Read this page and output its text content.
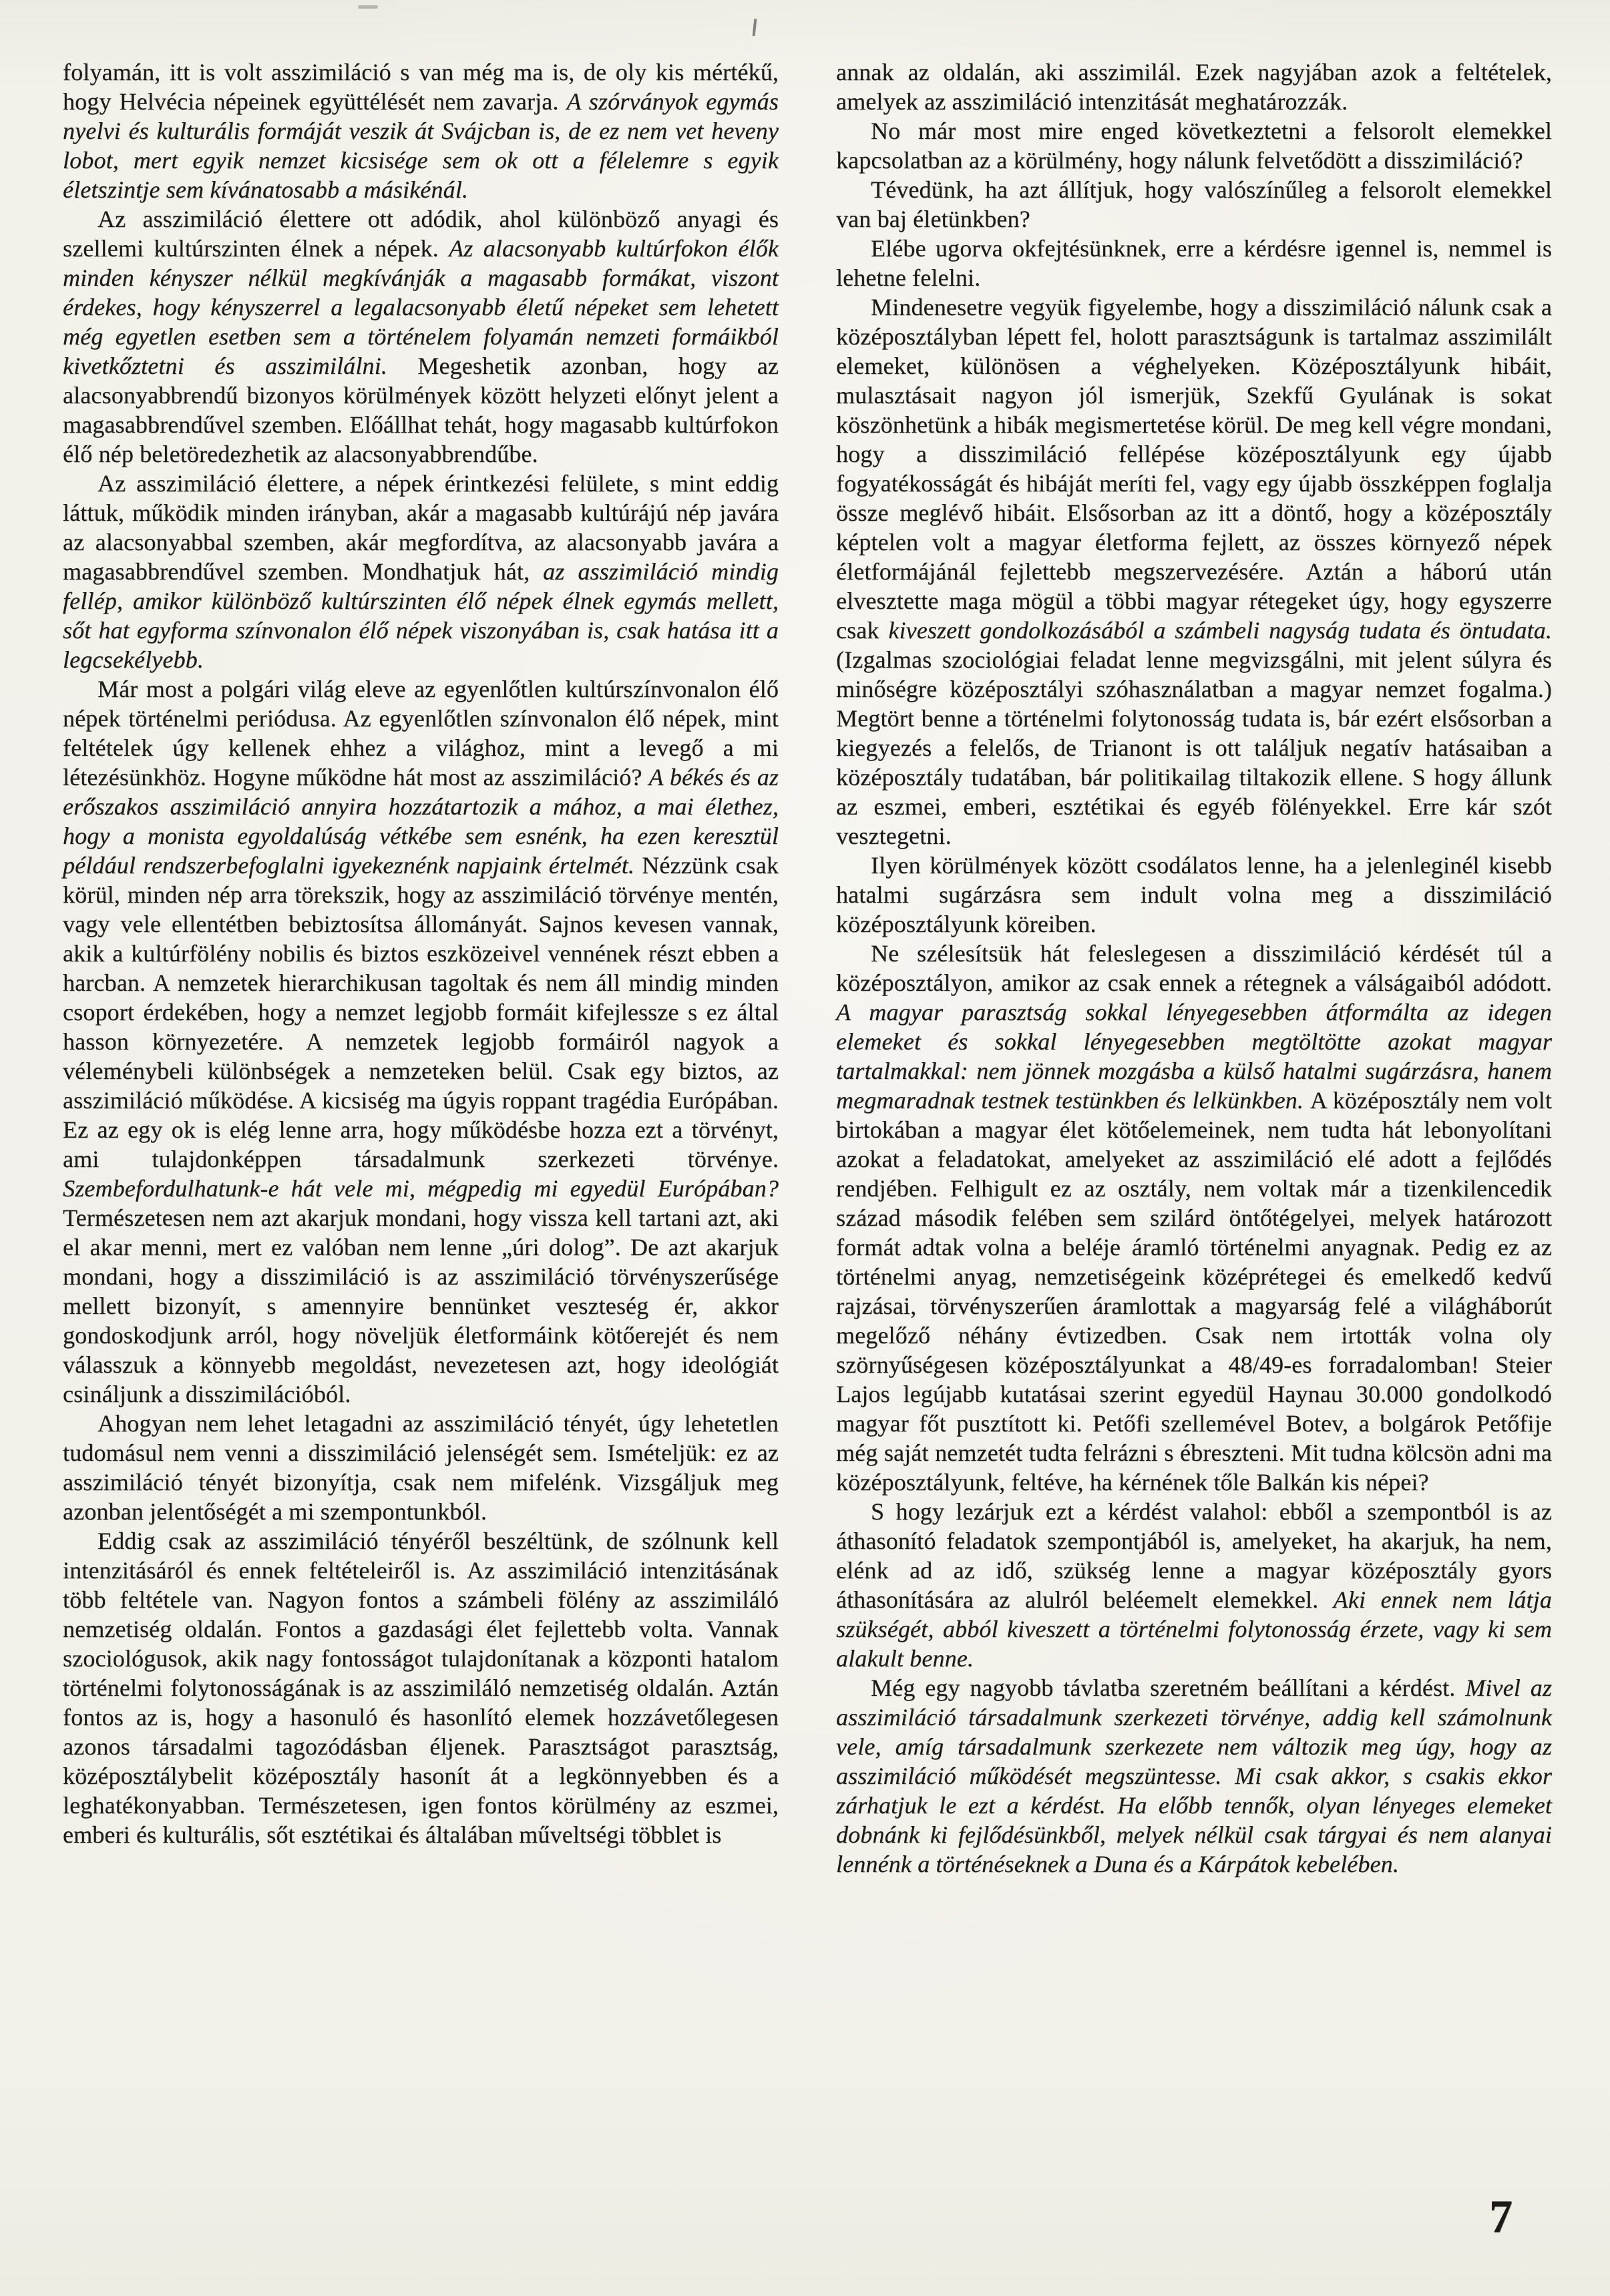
folyamán, itt is volt asszimiláció s van még ma is, de oly kis mértékű, hogy Helvécia népeinek együttélését nem zavarja. A szórványok egymás nyelvi és kulturális formáját veszik át Svájcban is, de ez nem vet heveny lobot, mert egyik nemzet kicsisége sem ok ott a félelemre s egyik életszintje sem kívánatosabb a másikénál.

Az asszimiláció élettere ott adódik, ahol különböző anyagi és szellemi kultúrszinten élnek a népek. Az alacsonyabb kultúrfokon élők minden kényszer nélkül megkívánják a magasabb formákat, viszont érdekes, hogy kényszerrel a legalacsonyabb életű népeket sem lehetett még egyetlen esetben sem a történelem folyamán nemzeti formáikból kivetkőztetni és asszimilálni. Megeshetik azonban, hogy az alacsonyabbrendű bizonyos körülmények között helyzeti előnyt jelent a magasabbrendűvel szemben. Előállhat tehát, hogy magasabb kultúrfokon élő nép beletöredezhetik az alacsonyabbrendűbe.

Az asszimiláció élettere, a népek érintkezési felülete, s mint eddig láttuk, működik minden irányban, akár a magasabb kultúrájú nép javára az alacsonyabbal szemben, akár megfordítva, az alacsonyabb javára a magasabbrendűvel szemben. Mondhatjuk hát, az asszimiláció mindig fellép, amikor különböző kultúrszinten élő népek élnek egymás mellett, sőt hat egyforma színvonalon élő népek viszonyában is, csak hatása itt a legcsekélyebb.

Már most a polgári világ eleve az egyenlőtlen kultúrszínvonalon élő népek történelmi periódusa. Az egyenlőtlen színvonalon élő népek, mint feltételek úgy kellenek ehhez a világhoz, mint a levegő a mi létezésünkhöz. Hogyne működne hát most az asszimiláció? A békés és az erőszakos asszimiláció annyira hozzátartozik a mához, a mai élethez, hogy a monista egyoldalúság vétkébe sem esnénk, ha ezen keresztül például rendszerbefoglalni igyekeznénk napjaink értelmét. Nézzünk csak körül, minden nép arra törekszik, hogy az asszimiláció törvénye mentén, vagy vele ellentétben bebiztosítsa állományát. Sajnos kevesen vannak, akik a kultúrfölény nobilis és biztos eszközeivel vennének részt ebben a harcban. A nemzetek hierarchikusan tagoltak és nem áll mindig minden csoport érdekében, hogy a nemzet legjobb formáit kifejlessze s ez által hasson környezetére. A nemzetek legjobb formáiról nagyok a véleménybeli különbségek a nemzeteken belül. Csak egy biztos, az asszimiláció működése. A kicsiség ma úgyis roppant tragédia Európában. Ez az egy ok is elég lenne arra, hogy működésbe hozza ezt a törvényt, ami tulajdonképpen társadalmunk szerkezeti törvénye. Szembefordulhatunk-e hát vele mi, mégpedig mi egyedül Európában? Természetesen nem azt akarjuk mondani, hogy vissza kell tartani azt, aki el akar menni, mert ez valóban nem lenne „úri dolog”. De azt akarjuk mondani, hogy a disszimiláció is az asszimiláció törvényszerűsége mellett bizonyít, s amennyire bennünket veszteség ér, akkor gondoskodjunk arról, hogy növeljük életformáink kötőerejét és nem válasszuk a könnyebb megoldást, nevezetesen azt, hogy ideológiát csináljunk a disszimilációból.

Ahogyan nem lehet letagadni az asszimiláció tényét, úgy lehetetlen tudomásul nem venni a disszimiláció jelenségét sem. Ismételjük: ez az asszimiláció tényét bizonyítja, csak nem mifelénk. Vizsgáljuk meg azonban jelentőségét a mi szempontunkból.

Eddig csak az asszimiláció tényéről beszéltünk, de szólnunk kell intenzitásáról és ennek feltételeiről is. Az asszimiláció intenzitásának több feltétele van. Nagyon fontos a számbeli fölény az asszimiláló nemzetiség oldalán. Fontos a gazdasági élet fejlettebb volta. Vannak szociológusok, akik nagy fontosságot tulajdonítanak a központi hatalom történelmi folytonosságának is az asszimiláló nemzetiség oldalán. Aztán fontos az is, hogy a hasonuló és hasonlító elemek hozzávetőlegesen azonos társadalmi tagozódásban éljenek. Parasztságot parasztság, középosztálybelit középosztály hasonít át a legkönnyebben és a leghatékonyabban. Természetesen, igen fontos körülmény az eszmei, emberi és kulturális, sőt esztétikai és általában műveltségi többlet is

annak az oldalán, aki asszimilál. Ezek nagyjában azok a feltételek, amelyek az asszimiláció intenzitását meghatározzák.

No már most mire enged következtetni a felsorolt elemekkel kapcsolatban az a körülmény, hogy nálunk felvetődött a disszimiláció?

Tévedünk, ha azt állítjuk, hogy valószínűleg a felsorolt elemekkel van baj életünkben?

Elébe ugorva okfejtésünknek, erre a kérdésre igennel is, nemmel is lehetne felelni.

Mindenesetre vegyük figyelembe, hogy a disszimiláció nálunk csak a középosztályban lépett fel, holott parasztságunk is tartalmaz asszimilált elemeket, különösen a véghelyeken. Középosztályunk hibáit, mulasztásait nagyon jól ismerjük, Szekfű Gyulának is sokat köszönhetünk a hibák megismertetése körül. De meg kell végre mondani, hogy a disszimiláció fellépése középosztályunk egy újabb fogyatékosságát és hibáját meríti fel, vagy egy újabb összképpen foglalja össze meglévő hibáit. Elsősorban az itt a döntő, hogy a középosztály képtelen volt a magyar életforma fejlett, az összes környező népek életformájánál fejlettebb megszervezésére. Aztán a háború után elvesztette maga mögül a többi magyar rétegeket úgy, hogy egyszerre csak kiveszett gondolkozásából a számbeli nagyság tudata és öntudata. (Izgalmas szociológiai feladat lenne megvizsgálni, mit jelent súlyra és minőségre középosztályi szóhasználatban a magyar nemzet fogalma.) Megtört benne a történelmi folytonosság tudata is, bár ezért elsősorban a kiegyezés a felelős, de Trianont is ott találjuk negatív hatásaiban a középosztály tudatában, bár politikailag tiltakozik ellene. S hogy állunk az eszmei, emberi, esztétikai és egyéb fölényekkel. Erre kár szót vesztegetni.

Ilyen körülmények között csodálatos lenne, ha a jelenleginél kisebb hatalmi sugárzásra sem indult volna meg a disszimiláció középosztályunk köreiben.

Ne szélesítsük hát feleslegesen a disszimiláció kérdését túl a középosztályon, amikor az csak ennek a rétegnek a válságaiból adódott. A magyar parasztság sokkal lényegesebben átformálta az idegen elemeket és sokkal lényegesebben megtöltötte azokat magyar tartalmakkal: nem jönnek mozgásba a külső hatalmi sugárzásra, hanem megmaradnak testnek testünkben és lelkünkben. A középosztály nem volt birtokában a magyar élet kötőelemeinek, nem tudta hát lebonyolítani azokat a feladatokat, amelyeket az asszimiláció elé adott a fejlődés rendjében. Felhigult ez az osztály, nem voltak már a tizenkilencedik század második felében sem szilárd öntőtégelyei, melyek határozott formát adtak volna a beléje áramló történelmi anyagnak. Pedig ez az történelmi anyag, nemzetiségeink középrétegei és emelkedő kedvű rajzásai, törvényszerűen áramlottak a magyarság felé a világháborút megelőző néhány évtizedben. Csak nem irtották volna oly szörnyűségesen középosztályunkat a 48/49-es forradalomban! Steier Lajos legújabb kutatásai szerint egyedül Haynau 30.000 gondolkodó magyar főt pusztított ki. Petőfi szellemével Botev, a bolgárok Petőfije még saját nemzetét tudta felrázni s ébreszteni. Mit tudna kölcsön adni ma középosztályunk, feltéve, ha kérnének tőle Balkán kis népei?

S hogy lezárjuk ezt a kérdést valahol: ebből a szempontból is az áthasonító feladatok szempontjából is, amelyeket, ha akarjuk, ha nem, elénk ad az idő, szükség lenne a magyar középosztály gyors áthasonítására az alulról beléemelt elemekkel. Aki ennek nem látja szükségét, abból kiveszett a történelmi folytonosság érzete, vagy ki sem alakult benne.

Még egy nagyobb távlatba szeretném beállítani a kérdést. Mivel az asszimiláció társadalmunk szerkezeti törvénye, addig kell számolnunk vele, amíg társadalmunk szerkezete nem változik meg úgy, hogy az asszimiláció működését megszüntesse. Mi csak akkor, s csakis ekkor zárhatjuk le ezt a kérdést. Ha előbb tennők, olyan lényeges elemeket dobnánk ki fejlődésünkből, melyek nélkül csak tárgyai és nem alanyai lennénk a történéseknek a Duna és a Kárpátok kebelében.

7
